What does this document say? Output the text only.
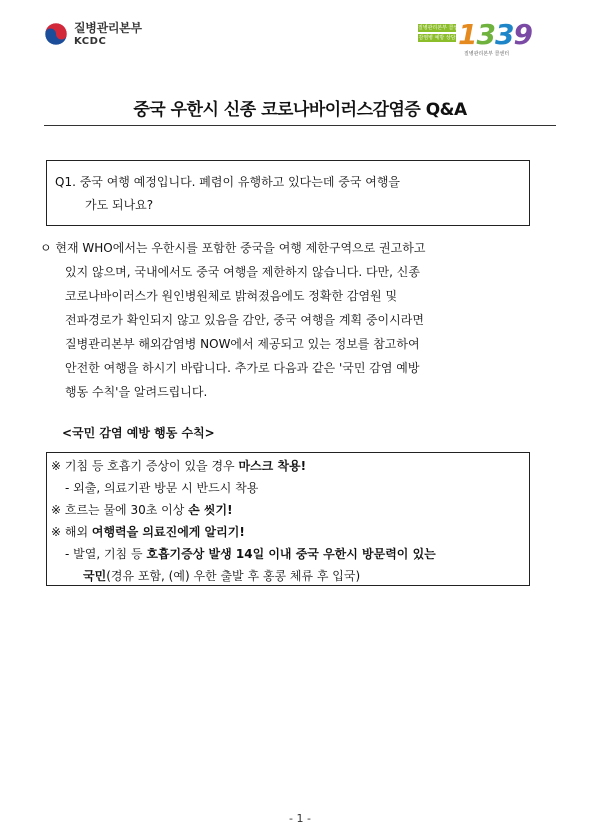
질병관리본부
KCDC
질병관리본부 콜센터
감염병 예방 상담 1339
질병관리본부 콜센터
중국 우한시 신종 코로나바이러스감염증 Q&A
Q1. 중국 여행 예정입니다. 폐렴이 유행하고 있다는데 중국 여행을
가도 되나요?
ㅇ 현재 WHO에서는 우한시를 포함한 중국을 여행 제한구역으로 권고하고
있지 않으며, 국내에서도 중국 여행을 제한하지 않습니다. 다만, 신종
코로나바이러스가 원인병원체로 밝혀졌음에도 정확한 감염원 및
전파경로가 확인되지 않고 있음을 감안, 중국 여행을 계획 중이시라면
질병관리본부 해외감염병 NOW에서 제공되고 있는 정보를 참고하여
안전한 여행을 하시기 바랍니다. 추가로 다음과 같은 '국민 감염 예방
행동 수칙'을 알려드립니다.
<국민 감염 예방 행동 수칙>
※ 기침 등 호흡기 증상이 있을 경우 마스크 착용!
- 외출, 의료기관 방문 시 반드시 착용
※ 흐르는 물에 30초 이상 손 씻기!
※ 해외 여행력을 의료진에게 알리기!
- 발열, 기침 등 호흡기증상 발생 14일 이내 중국 우한시 방문력이 있는
국민(경유 포함, (예) 우한 출발 후 홍콩 체류 후 입국)
- 1 -
